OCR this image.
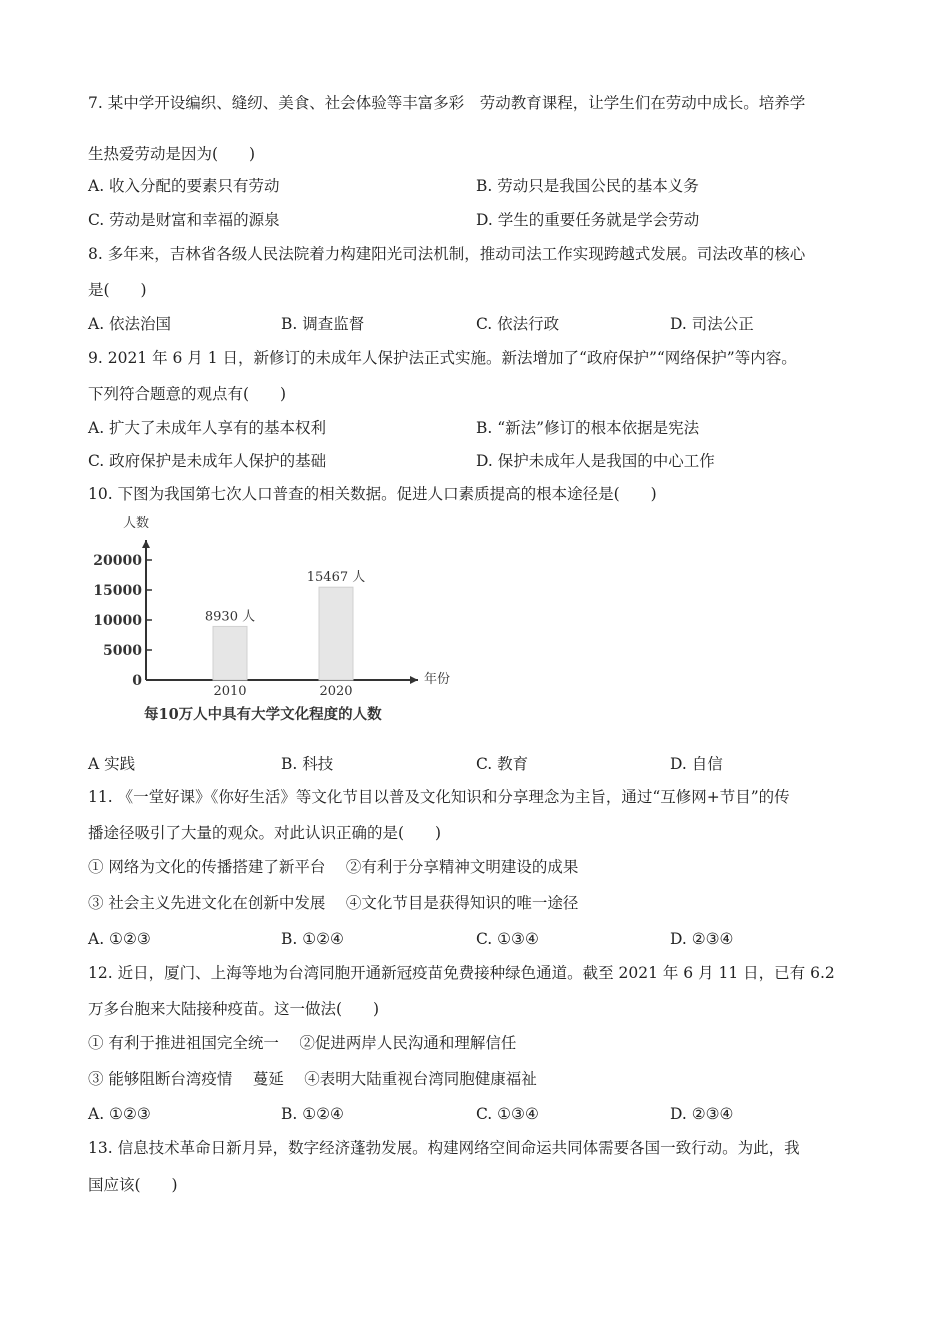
7. 某中学开设编织、缝纫、美食、社会体验等丰富多彩　劳动教育课程，让学生们在劳动中成长。培养学
生热爱劳动是因为(　　)
A. 收入分配的要素只有劳动	B. 劳动只是我国公民的基本义务
C. 劳动是财富和幸福的源泉	D. 学生的重要任务就是学会劳动
8. 多年来，吉林省各级人民法院着力构建阳光司法机制，推动司法工作实现跨越式发展。司法改革的核心
是(　　)
A. 依法治国	B. 调查监督	C. 依法行政	D. 司法公正
9. 2021 年 6 月 1 日，新修订的未成年人保护法正式实施。新法增加了“政府保护”“网络保护”等内容。
下列符合题意的观点有(　　)
A. 扩大了未成年人享有的基本权利	B. “新法”修订的根本依据是宪法
C. 政府保护是未成年人保护的基础	D. 保护未成年人是我国的中心工作
10. 下图为我国第七次人口普查的相关数据。促进人口素质提高的根本途径是(　　)
人数
0
5000
10000
15000
20000
8930 人
15467 人
2010	2020
年份
每10万人中具有大学文化程度的人数
A 实践	B. 科技	C. 教育	D. 自信
11. 《一堂好课》《你好生活》等文化节目以普及文化知识和分享理念为主旨，通过“互修网+节目”的传
播途径吸引了大量的观众。对此认识正确的是(　　)
① 网络为文化的传播搭建了新平台　 ②有利于分享精神文明建设的成果
③ 社会主义先进文化在创新中发展　 ④文化节目是获得知识的唯一途径
A. ①②③	B. ①②④	C. ①③④	D. ②③④
12. 近日，厦门、上海等地为台湾同胞开通新冠疫苗免费接种绿色通道。截至 2021 年 6 月 11 日，已有 6.2
万多台胞来大陆接种疫苗。这一做法(　　)
① 有利于推进祖国完全统一　 ②促进两岸人民沟通和理解信任
③ 能够阻断台湾疫情　 蔓延　 ④表明大陆重视台湾同胞健康福祉
A. ①②③	B. ①②④	C. ①③④	D. ②③④
13. 信息技术革命日新月异，数字经济蓬勃发展。构建网络空间命运共同体需要各国一致行动。为此，我
国应该(　　)
